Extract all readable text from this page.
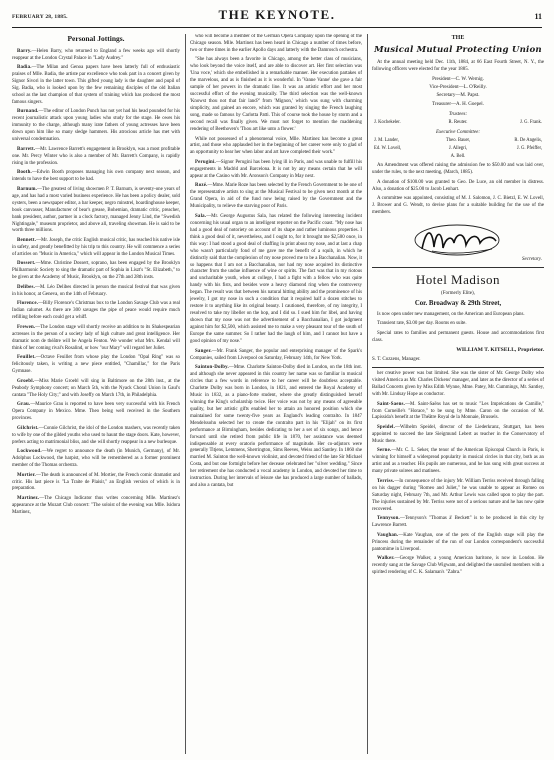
FEBRUARY 28, 1885.	THE KEYNOTE.	11
Personal Jottings.
Barry.—Helen Barry, who returned to England a few weeks ago will shortly reappear at the London Crystal Palace in "Lady Audrey."
Badia.—The Milan and Genoa papers have been latterly full of enthusiastic praises of Mlle. Badia, the artiste par excellence who took part in a concert given by Signor Sivori in the latter town. This gifted young lady is the daughter and pupil of Sig. Badia, who is looked upon by the few remaining disciples of the old Italian school as the last champion of that system of training which has produced the most famous singers.
Burnand.—The editor of London Punch has not yet had his head pounded for his recent journalistic attack upon young ladies who study for the stage. He owes his immunity to the charge, although many irate fathers of young actresses have been down upon him like so many sledge hammers. His atrocious article has met with universal condemnation.
Barrett.—Mr. Lawrence Barrett's engagement in Brooklyn, was a most profitable one. Mr. Percy Winter who is also a member of Mr. Barrett's Company, is rapidly rising in the profession.
Booth.—Edwin Booth proposes managing his own company next season, and intends to have the best support to be had.
Barnum.—The greatest of living showmen P. T. Barnum, is seventy-one years of age, and has had a most varied business experience. He has been a policy dealer, sold oysters, been a newspaper editor, a bar keeper, negro minstrel, boardinghouse keeper, book canvasser, Manufacturer of bear's grease, Bohemian, dramatic critic, preacher, bank president, author, partner in a clock factory, managed Jenny Lind, the "Swedish Nightingale," museum proprietor, and above all, traveling showman. He is said to be worth three millions.
Bennett.—Mr. Joseph, the critic English musical critic, has reached his native isle in safety, and greatly benefitted by his trip to this country. He will commence a series of articles on "Music in America," which will appear in the London Musical Times.
Dossert.—Mme. Christine Dossert, soprano, has been engaged by the Brooklyn Philharmonic Society to sing the dramatic part of Sophia in Liszt's "St. Elizabeth," to be given at the Academy of Music, Brooklyn, on the 27th and 28th insts.
Delibes.—M. Léo Delibes directed in person the musical festival that was given in his honor, at Geneva, on the 14th of February.
Florence.—Billy Florence's Christmas box to the London Savage Club was a real Indian calumet. As there are 300 savages the pipe of peace would require much refilling before each could get a whiff.
Frewen.—The London stage will shortly receive an addition to its Shakespearian actresses in the person of a society lady of high culture and great intelligence. Her dramatic nom de théâtre will be Angela Fenton. We wonder what Mrs. Kendal will think of her coming rival's Rosalind, or how "our Mary" will regard her Juliet.
Feuillet.—Octave Feuillet from whose play the London "Opal Ring" was so felicitously taken, is writing a new piece entitled, "Chamillac," for the Paris Gymnase.
Groebl.—Miss Marie Groebl will sing in Baltimore on the 28th inst., at the Peabody Symphony concert; on March 5th, with the Nyack Choral Union in Gaul's cantata "The Holy City;" and with Joseffy on March 17th, in Philadelphia.
Grau.—Maurice Grau is reported to have been very successful with his French Opera Company in Mexico. Mme. Theo being well received in the Southern provinces.
Gilchrist.—Connie Gilchrist, the idol of the London mashers, was recently taken to wife by one of the gilded youths who used to haunt the stage doors. Kate, however, prefers acting to matrimonial bliss, and she will shortly reappear in a new burlesque.
Lockwood.—We regret to announce the death (in Munich, Germany), of Mr. Adolphus Lockwood, the harpist, who will be remembered as a former prominent member of the Thomas orchestra.
Mortier.—The death is announced of M. Mortier, the French comic dramatist and critic. His last piece is "La Traite de Plaisir," an English version of which is in preparation.
Martinez.—The Chicago Indicator thus writes concerning Mlle. Martinez's appearance at the Mozart Club concert: "The soloist of the evening was Mlle. Isidora Martinez,
who will become a member of the German Opera Company upon the opening of the Chicago season. Mlle. Martinez has been heard in Chicago a number of times before, two or three times in the earlier Apollo days and latterly with the Damrosch orchestra.
"She has always been a favorite in Chicago, among the better class of musicians, who look beyond the voice itself, and are able to discover art. Her first selection was 'Una voce,' which she embellished in a remarkable manner. Her execution partakes of the marvelous, and as is finished as it is wonderful. In 'Vanne Vanne' she gave a fair sample of her powers in the dramatic line. It was an artistic effort and her most successful effort of the evening musically. The third selection was the well-known 'Knowst thou not that fair land?' from 'Mignon,' which was sung with charming simplicity, and gained an encore, which was granted by singing the French laughing song, made so famous by Carlotta Patti. This of course took the house by storm and a second recall was finally given. We must not forget to mention the maddening rendering of Beethoven's 'Thou art like unto a flower.'
While not possessed of a phenomenal voice, Mlle. Martinez has become a great artist, and those who applauded her in the beginning of her career were only to glad of an opportunity to hear her when labor and art have completed their work."
Perugini.—Signor Perugini has been lying ill in Paris, and was unable to fulfill his engagements in Madrid and Barcelona. It is not by any means certain that he will appear at the Casino with Mr. Aronson's Company in May next.
Rozé.—Mme. Marie Roze has been selected by the French Government to be one of the representative artists to sing at the Musical Festival to be given next month at the Grand Opera, in aid of the fund now being raised by the Government and the Municipality, to relieve the starving poor of Paris.
Sala.—Mr. George Augustus Sala, has related the following interesting incident concerning his usual organ to an intelligent reporter on the Pacific coast. "My nose has had a good deal of notoriety on account of its shape and rather luminous properties. I think a good deal of it, nevertheless, and I ought to, for it brought me $2,500 once, in this way: I had stood a good deal of chaffing in print about my nose, and at last a chap who wasn't particularly fond of me gave me the benefit of a squib, in which he distinctly said that the complexion of my nose proved me to be a Bacchanalian. Now, it so happens that I am not a Bacchanalian, nor had my nose acquired its distinctive character from the undue influence of wine or spirits. The fact was that in my riotous and uncharitable youth, when at college, I had a fight with a fellow who was quite handy with his fists, and besides wore a heavy diamond ring when the controversy began. The result was that between his natural hitting ability and the prominence of his jewelry, I got my nose in such a condition that it required half a dozen stitches to restore it to anything like its original beauty. I cautioned, therefore, of my integrity, I resolved to take my libeller on the hop, and I did so. I sued him for libel, and having shown that my nose was not the advertisement of a Bacchanalian, I got judgment against him for $2,500, which assisted me to make a very pleasant tour of the south of Europe the same summer. So I rather had the laugh of him, and I cannot but have a good opinion of my nose."
Sanger.—Mr. Frank Sanger, the popular and enterprising manager of the Spark's Companies, sailed from Liverpool on Saturday, February 14th, for New York.
Sainton-Dolby.—Mme. Charlotte Sainton-Dolby died in London, on the 18th inst. and although she never appeared in this country her name was so familiar in musical circles that a few words in reference to her career will be doubtless acceptable. Charlotte Dolby was born in London, in 1821, and entered the Royal Academy of Music in 1832, as a piano-forte student, where she greatly distinguished herself winning the King's scholarship twice. Her voice was not by any means of agreeable quality, but her artistic gifts enabled her to attain an honored position which she maintained for some twenty-five years as England's leading contralto. In 1847 Mendelssohn selected her to create the contralto part in his "Elijah" on its first performance at Birmingham, besides dedicating to her a set of six songs, and hence forward until she retired from public life in 1870, her assistance was deemed indispensable at every oratorio performance of magnitude. Her co-adjutors were generally Titjens, Lemmens, Sherrington, Sims Reeves, Weiss and Santley. In 1860 she married M. Sainton the well-known violinist, and devoted friend of the late Sir Michael Costa, and but one fortnight before her decease celebrated her "silver wedding." Since her retirement she has conducted a vocal academy in London, and devoted her time to instruction. During her intervals of leisure she has produced a large number of ballads, and also a cantata, but
THE
Musical Mutual Protecting Union
At the annual meeting held Dec. 11th, 1884, at 66 East Fourth Street, N. Y., the following officers were elected for the year 1885.
President—C. W. Wernig.
Vice-President—L. O'Reilly.
Secretary—M. Papst.
Treasurer—A. H. Goepel.
Trustees:
J. Kochekeler.	R. Reuter.	J. G. Frank.
Executive Committee:
J. M. Lander,	Theo. Bauer,	R. De Angelis,
Ed. W. Lovell,	J. Allegri,	J. G. Pfeiffer,
A. Bell.
An Amendment was offered raising the admission fee to $50.00 and was laid over, under the rules, to the next meeting, (March, 1885).
A donation of $100.00 was granted to Geo. De Luce, an old member in distress. Also, a donation of $25.00 to Jacob Lenhart.
A committee was appointed, consisting of M. J. Salomon, J. C. Bietzl, E. W. Lovell, J. Brower and G. Wendt, to devise plans for a suitable building for the use of the members.
Secretary.
Hotel Madison
(Formerly Elite),
Cor. Broadway & 29th Street,
Is now open under new management, on the American and European plans.
Transient rate, $3.00 per day. Rooms en suite.
Special rates to families and permanent guests. House and accommodations first class.
WILLIAM T. KITSELL, Proprietor.
S. T. Cozzens, Manager.
her creative power was but limited. She was the sister of Mr. George Dolby who visited America as Mr. Charles Dickens' manager, and later as the director of a series of Ballad Concerts given by Miss Edith Wynne, Mme. Patey, Mr. Cummings, Mr. Santley, with Mr. Lindsay Hope as conductor.
Saint-Saens.—M. Saint-Saëns has set to music "Les Imprécations de Camille," from Corneille's "Horace," to be sung by Mme. Caron on the occasion of M. Lapissida's benefit at the Théâtre Royal de la Monnaie, Brussels.
Speidel.—Wilhelm Speidel, director of the Liederkranz, Stuttgart, has been appointed to succeed the late Sieigmund Lebert as teacher in the Conservatory of Music there.
Serne.—Mr. C. L. Seker, the tenor of the American Episcopal Church in Paris, is winning for himself a widespread popularity in musical circles in that city, both as an artist and as a teacher. His pupils are numerous, and he has sung with great success at many private soirees and matinees.
Terriss.—In consequence of the injury Mr. William Terriss received through falling on his dagger during "Romeo and Juliet," he was unable to appear as Romeo on Saturday night, February 7th, and Mr. Arthur Lewis was called upon to play the part. The injuries sustained by Mr. Terriss were not of a serious nature and he has now quite recovered.
Tennyson.—Tennyson's "Thomas à' Beckett" is to be produced in this city by Lawrence Barrett.
Vaughan.—Kate Vaughan, one of the pets of the English stage will play the Princess during the remainder of the run of our London correspondent's successful pantomime in Liverpool.
Walker.—George Walker, a young American baritone, is now in London. He recently sang at the Savage Club Wigwam, and delighted the unsmiled members with a spirited rendering of C. K. Salaman's "Zabra."
